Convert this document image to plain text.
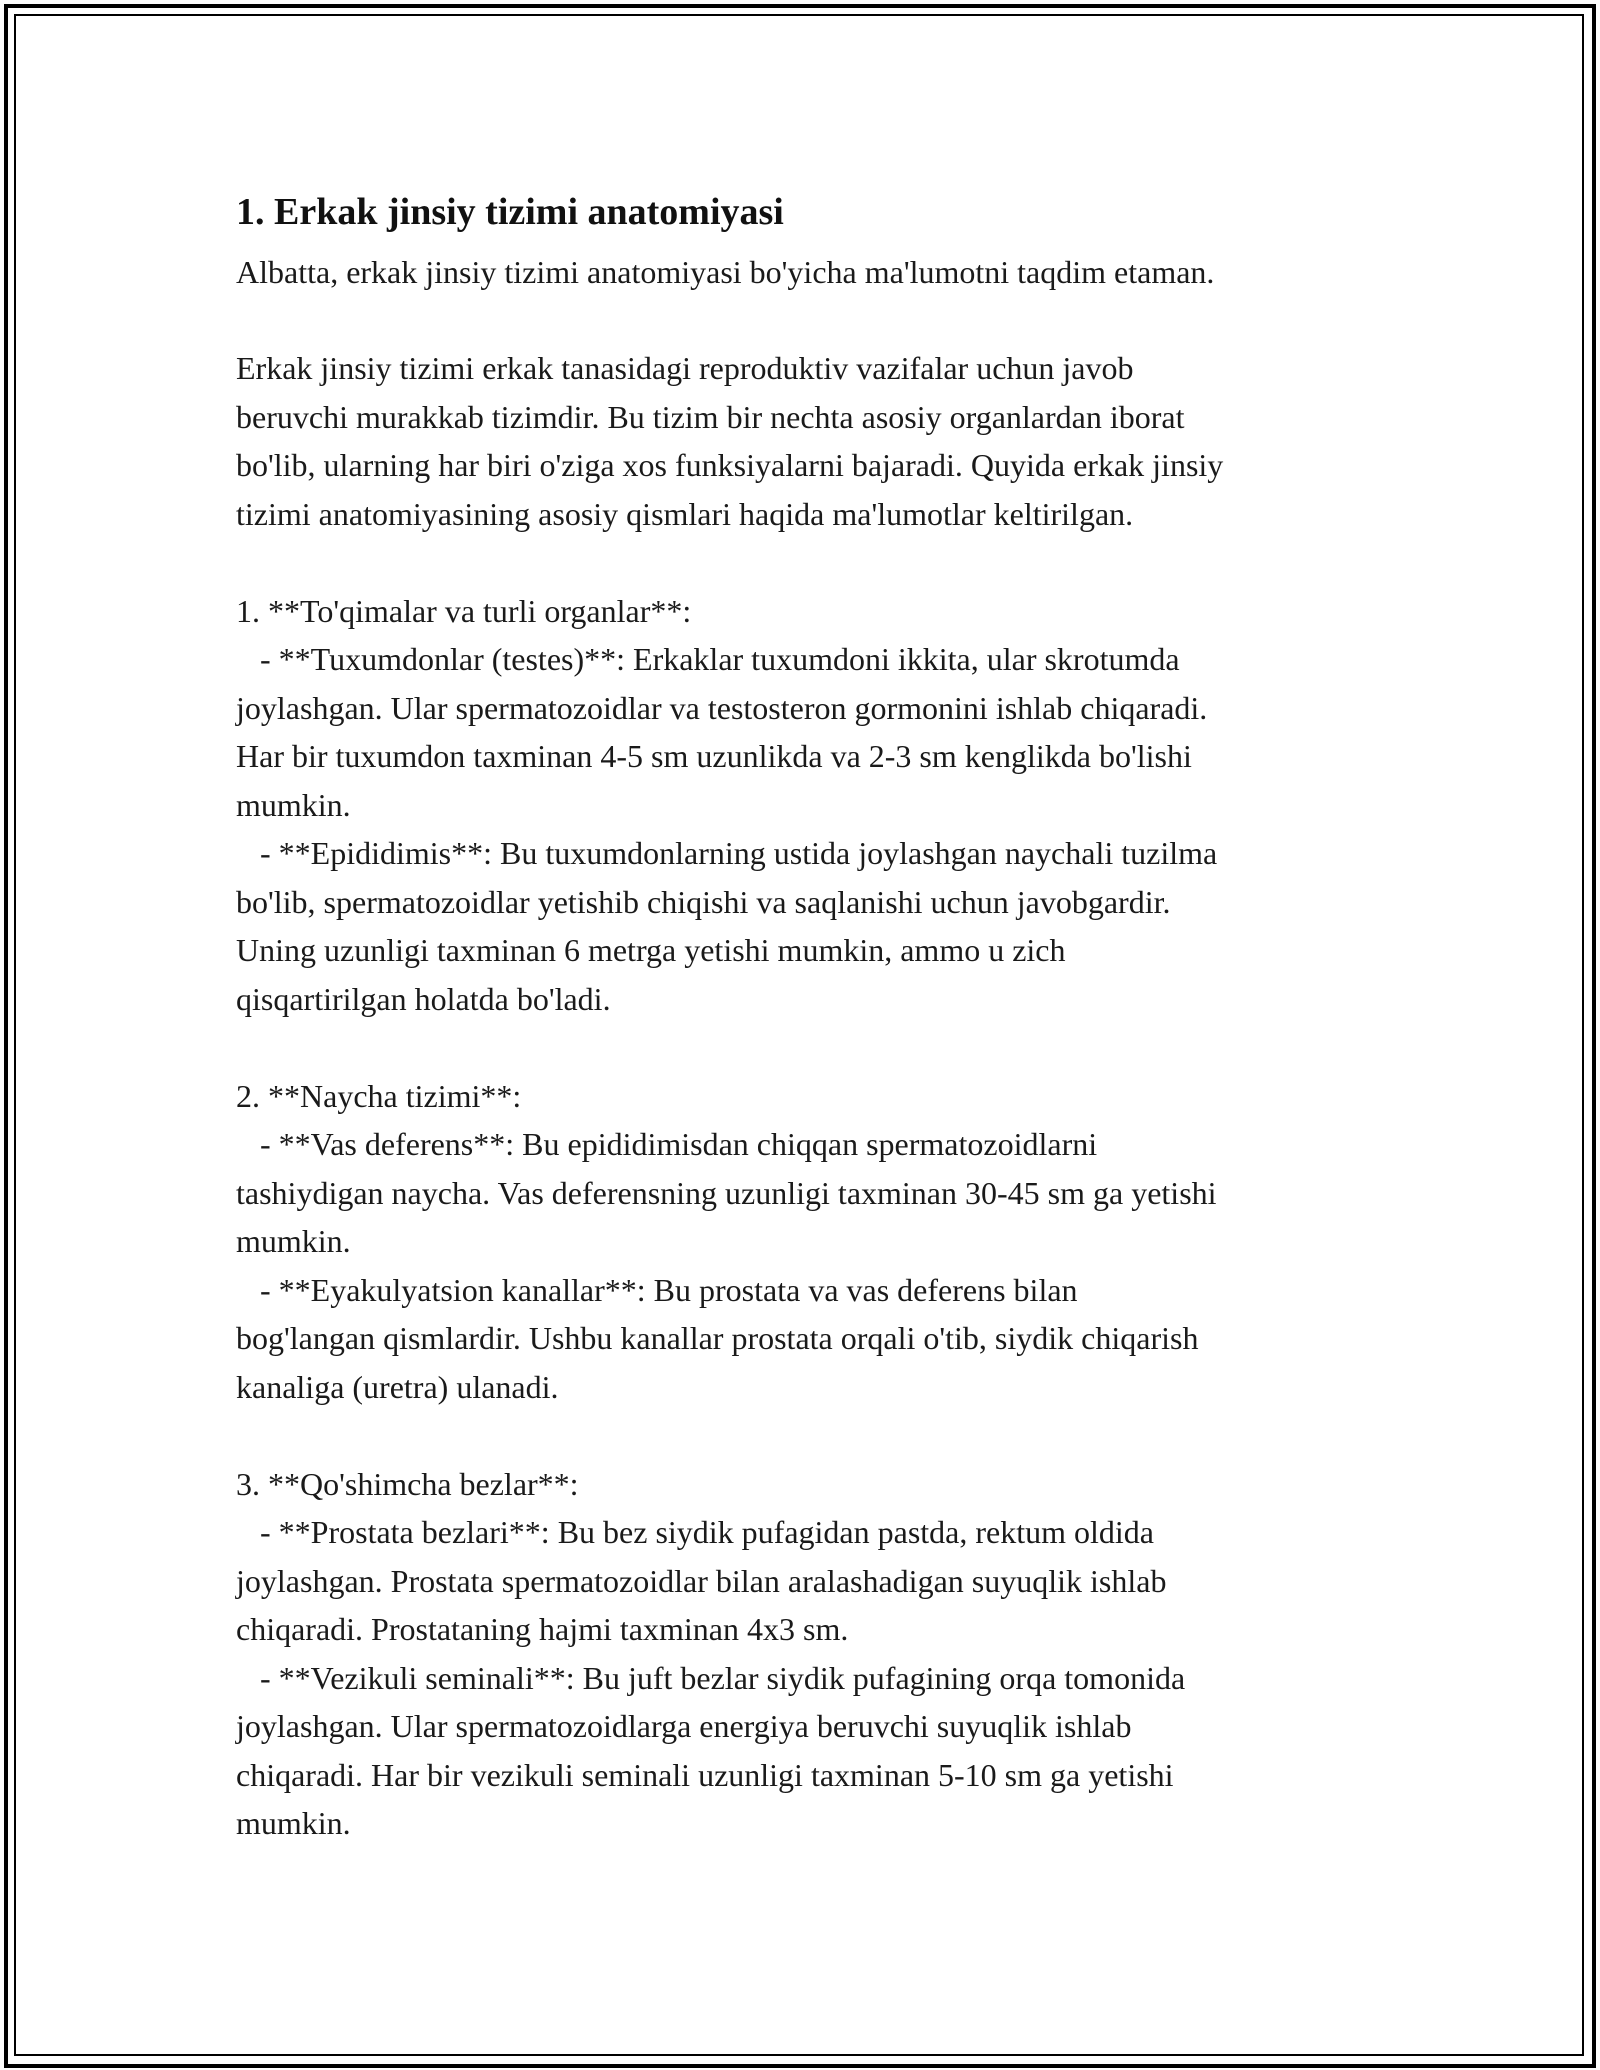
1. Erkak jinsiy tizimi anatomiyasi

Albatta, erkak jinsiy tizimi anatomiyasi bo'yicha ma'lumotni taqdim etaman.

Erkak jinsiy tizimi erkak tanasidagi reproduktiv vazifalar uchun javob
beruvchi murakkab tizimdir. Bu tizim bir nechta asosiy organlardan iborat
bo'lib, ularning har biri o'ziga xos funksiyalarni bajaradi. Quyida erkak jinsiy
tizimi anatomiyasining asosiy qismlari haqida ma'lumotlar keltirilgan.
1. **To'qimalar va turli organlar**:
- **Tuxumdonlar (testes)**: Erkaklar tuxumdoni ikkita, ular skrotumda
joylashgan. Ular spermatozoidlar va testosteron gormonini ishlab chiqaradi.
Har bir tuxumdon taxminan 4-5 sm uzunlikda va 2-3 sm kenglikda bo'lishi
mumkin.
- **Epididimis**: Bu tuxumdonlarning ustida joylashgan naychali tuzilma
bo'lib, spermatozoidlar yetishib chiqishi va saqlanishi uchun javobgardir.
Uning uzunligi taxminan 6 metrga yetishi mumkin, ammo u zich
qisqartirilgan holatda bo'ladi.
2. **Naycha tizimi**:
- **Vas deferens**: Bu epididimisdan chiqqan spermatozoidlarni
tashiydigan naycha. Vas deferensning uzunligi taxminan 30-45 sm ga yetishi
mumkin.
- **Eyakulyatsion kanallar**: Bu prostata va vas deferens bilan
bog'langan qismlardir. Ushbu kanallar prostata orqali o'tib, siydik chiqarish
kanaliga (uretra) ulanadi.
3. **Qo'shimcha bezlar**:
- **Prostata bezlari**: Bu bez siydik pufagidan pastda, rektum oldida
joylashgan. Prostata spermatozoidlar bilan aralashadigan suyuqlik ishlab
chiqaradi. Prostataning hajmi taxminan 4x3 sm.
- **Vezikuli seminali**: Bu juft bezlar siydik pufagining orqa tomonida
joylashgan. Ular spermatozoidlarga energiya beruvchi suyuqlik ishlab
chiqaradi. Har bir vezikuli seminali uzunligi taxminan 5-10 sm ga yetishi
mumkin.
